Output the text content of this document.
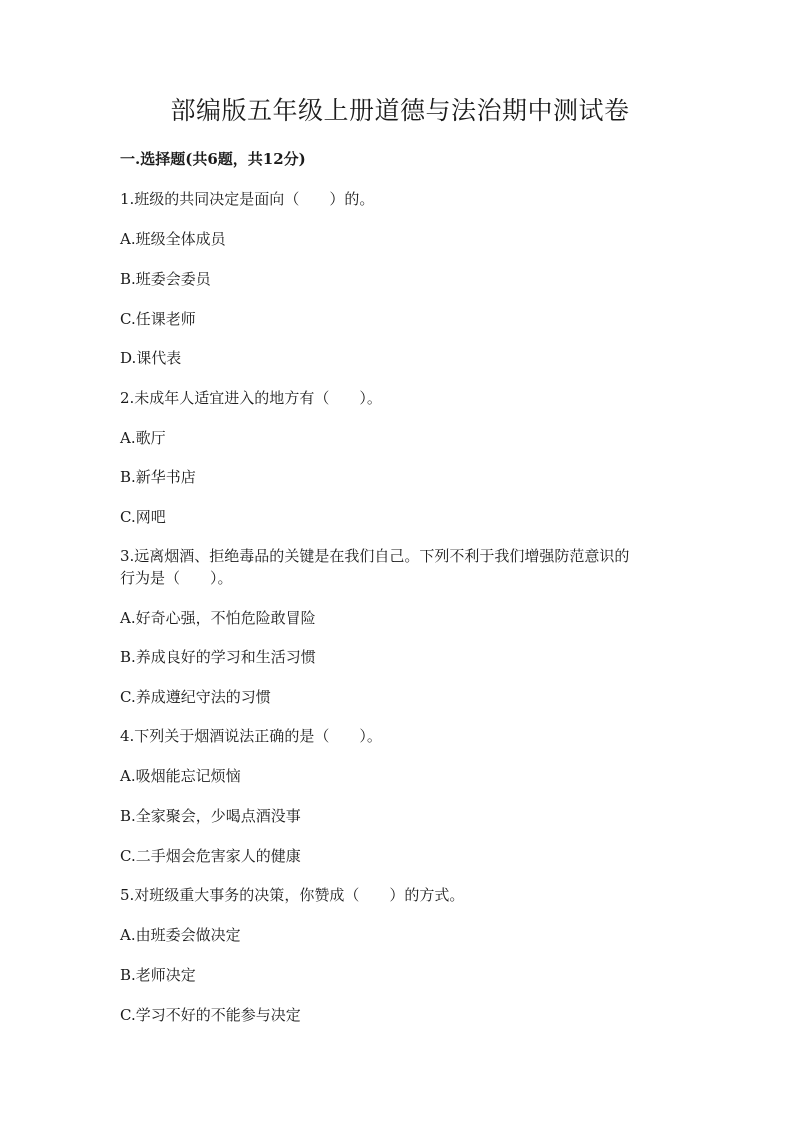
部编版五年级上册道德与法治期中测试卷
一.选择题(共6题，共12分)
1.班级的共同决定是面向（　　）的。
A.班级全体成员
B.班委会委员
C.任课老师
D.课代表
2.未成年人适宜进入的地方有（　　）。
A.歌厅
B.新华书店
C.网吧
3.远离烟酒、拒绝毒品的关键是在我们自己。下列不利于我们增强防范意识的
行为是（　　）。
A.好奇心强，不怕危险敢冒险
B.养成良好的学习和生活习惯
C.养成遵纪守法的习惯
4.下列关于烟酒说法正确的是（　　）。
A.吸烟能忘记烦恼
B.全家聚会，少喝点酒没事
C.二手烟会危害家人的健康
5.对班级重大事务的决策，你赞成（　　）的方式。
A.由班委会做决定
B.老师决定
C.学习不好的不能参与决定
